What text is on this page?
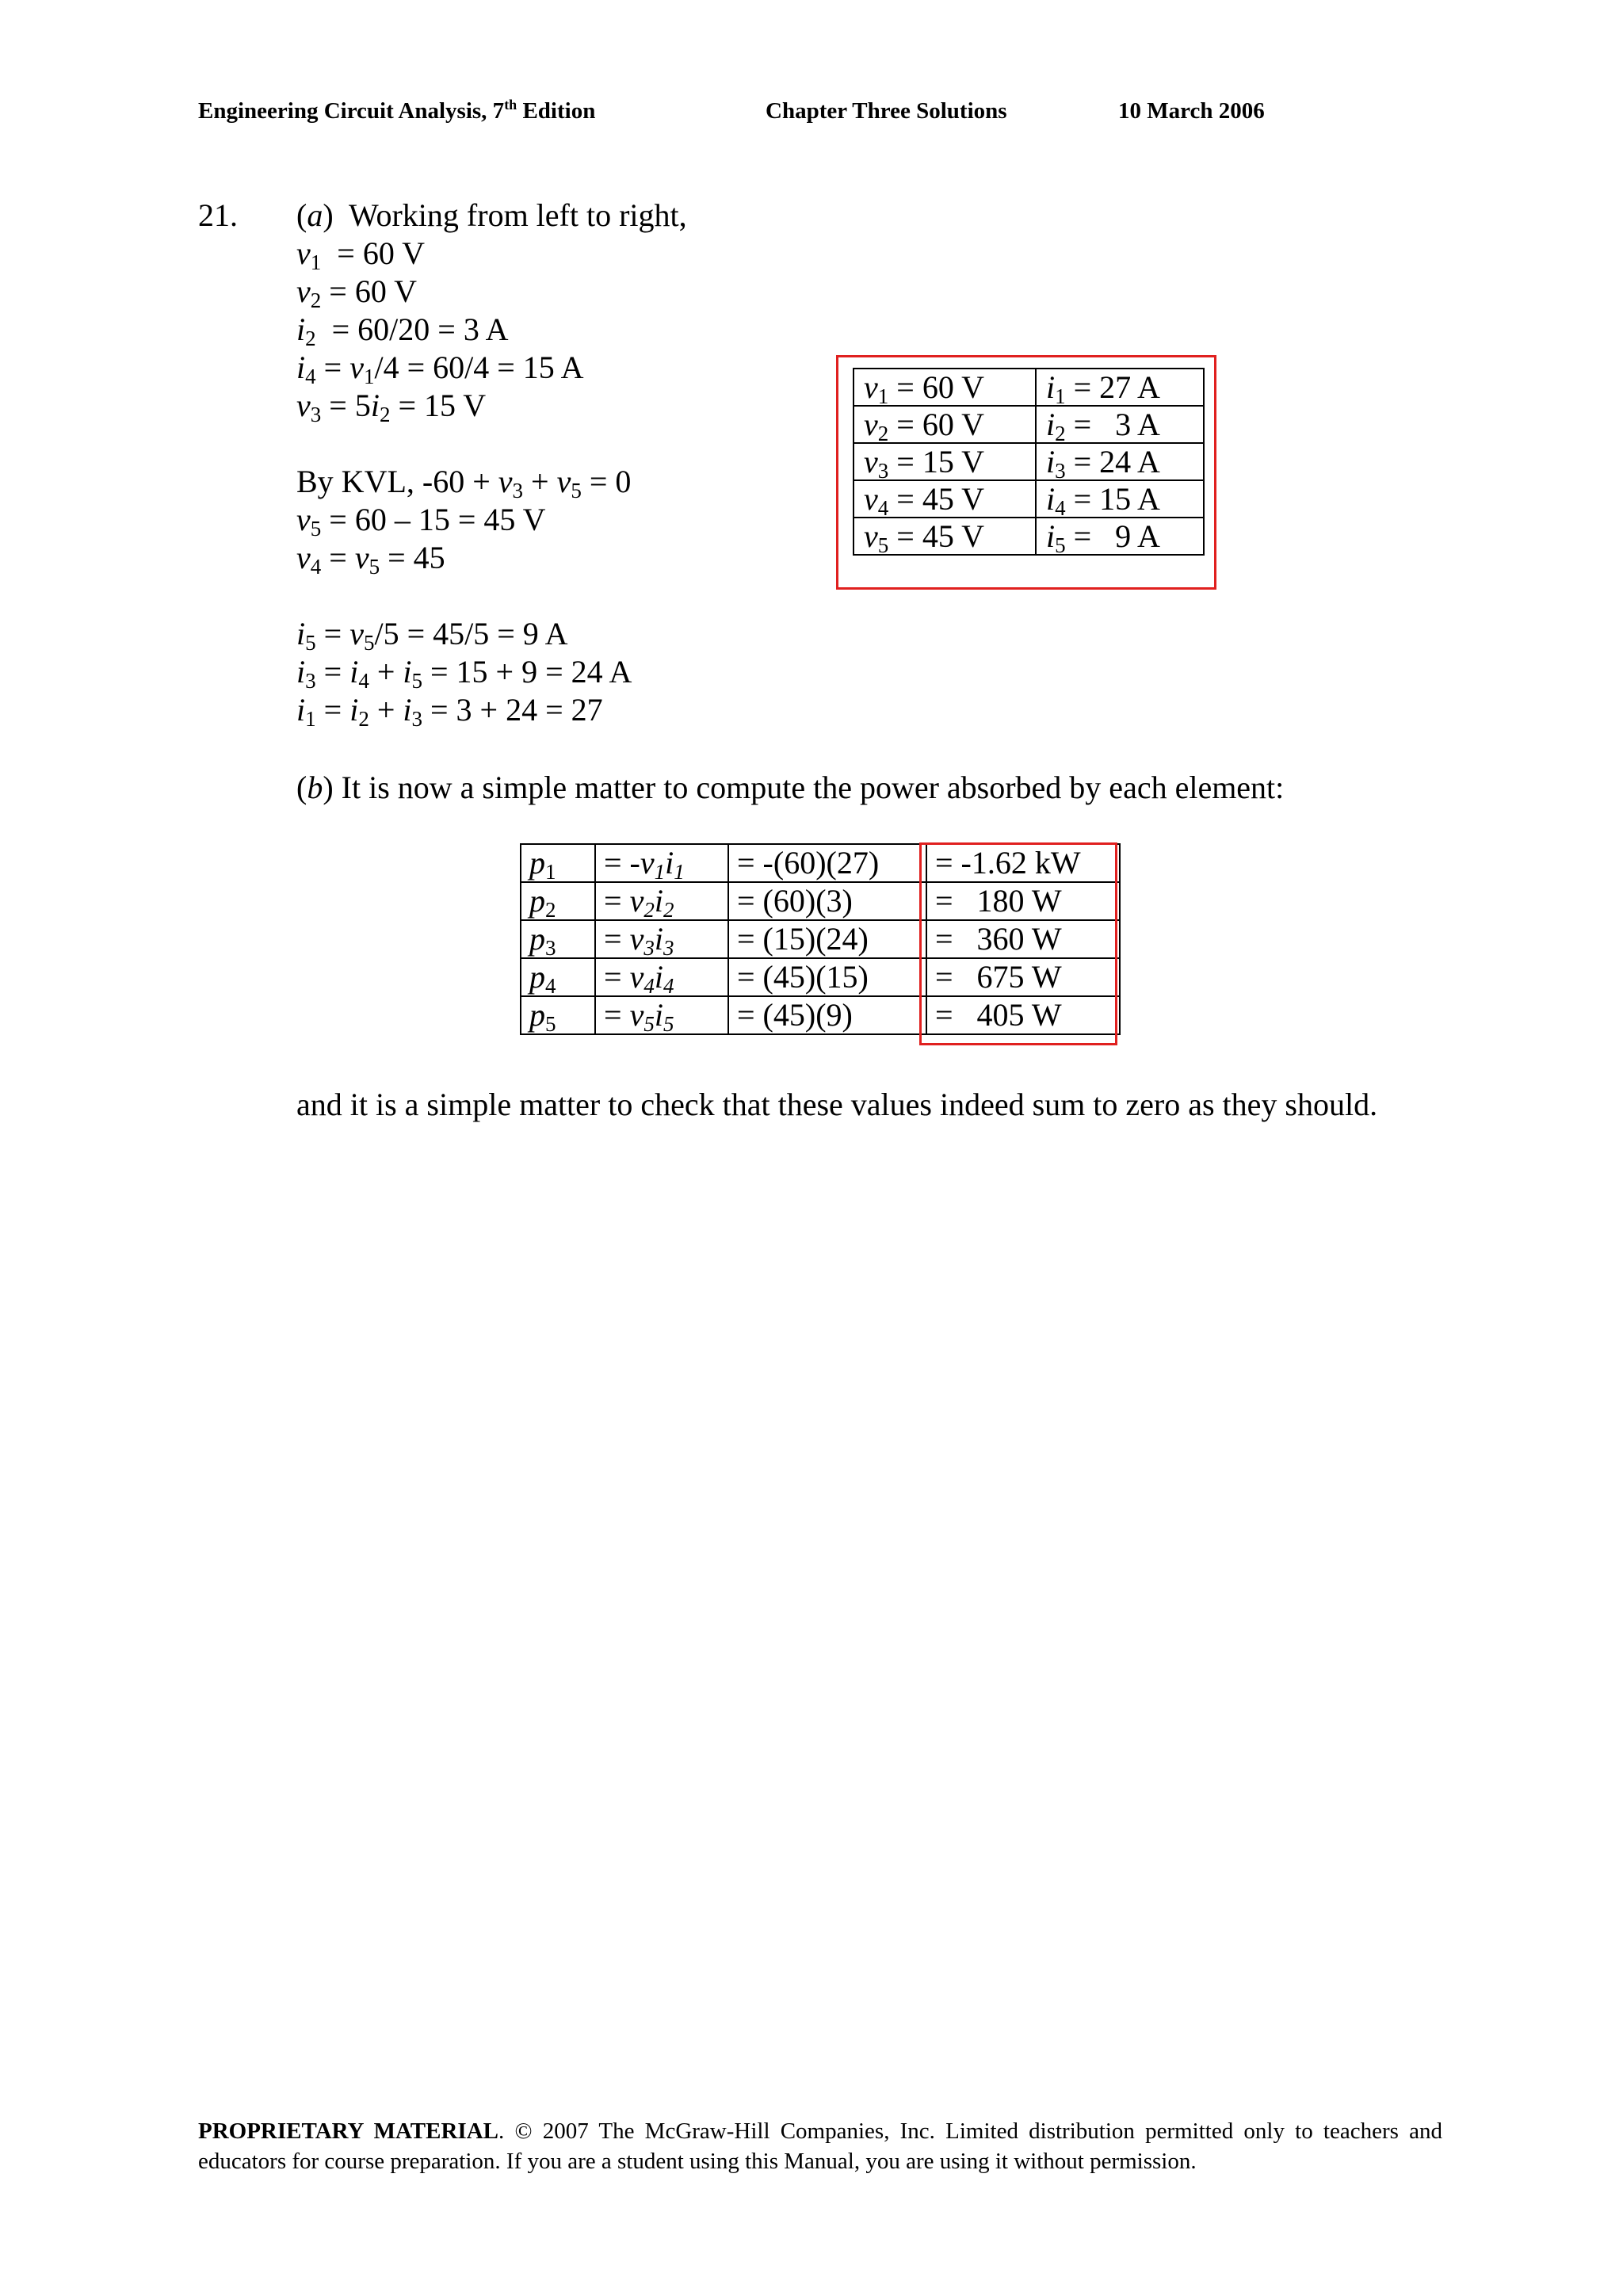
Engineering Circuit Analysis, 7th Edition	Chapter Three Solutions	10 March 2006
21. (a)  Working from left to right,
$v_1 = 60$ V
$v_2 = 60$ V
$i_2 = 60/20 = 3$ A
$i_4 = v_1/4 = 60/4 = 15$ A
$v_3 = 5i_2 = 15$ V
By KVL, $-60 + v_3 + v_5 = 0$
$v_5 = 60 - 15 = 45$ V
$v_4 = v_5 = 45$
$i_5 = v_5/5 = 45/5 = 9$ A
$i_3 = i_4 + i_5 = 15 + 9 = 24$ A
$i_1 = i_2 + i_3 = 3 + 24 = 27$
$v_1 = 60$ V	$i_1 = 27$ A
$v_2 = 60$ V	$i_2 = 3$ A
$v_3 = 15$ V	$i_3 = 24$ A
$v_4 = 45$ V	$i_4 = 15$ A
$v_5 = 45$ V	$i_5 = 9$ A
(b) It is now a simple matter to compute the power absorbed by each element:
$p_1$	= $-v_1i_1$	= -(60)(27)	= -1.62 kW
$p_2$	= $v_2i_2$	= (60)(3)	=   180 W
$p_3$	= $v_3i_3$	= (15)(24)	=   360 W
$p_4$	= $v_4i_4$	= (45)(15)	=   675 W
$p_5$	= $v_5i_5$	= (45)(9)	=   405 W
and it is a simple matter to check that these values indeed sum to zero as they should.
PROPRIETARY MATERIAL. © 2007 The McGraw-Hill Companies, Inc. Limited distribution permitted only to teachers and educators for course preparation. If you are a student using this Manual, you are using it without permission.
